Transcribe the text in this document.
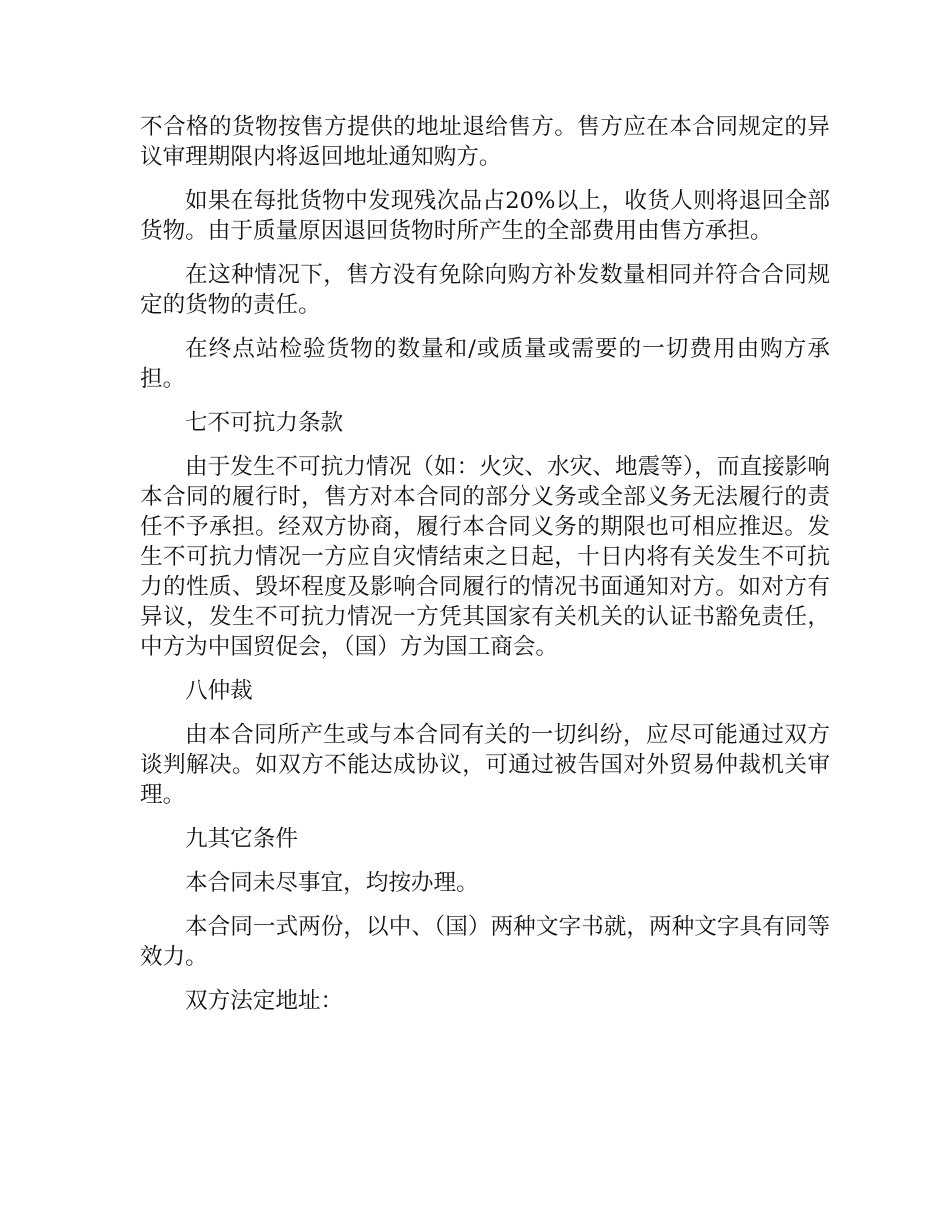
不合格的货物按售方提供的地址退给售方。售方应在本合同规定的异议审理期限内将返回地址通知购方。

如果在每批货物中发现残次品占20%以上，收货人则将退回全部货物。由于质量原因退回货物时所产生的全部费用由售方承担。

在这种情况下，售方没有免除向购方补发数量相同并符合合同规定的货物的责任。

在终点站检验货物的数量和/或质量或需要的一切费用由购方承担。

七不可抗力条款

由于发生不可抗力情况（如：火灾、水灾、地震等），而直接影响本合同的履行时，售方对本合同的部分义务或全部义务无法履行的责任不予承担。经双方协商，履行本合同义务的期限也可相应推迟。发生不可抗力情况一方应自灾情结束之日起，十日内将有关发生不可抗力的性质、毁坏程度及影响合同履行的情况书面通知对方。如对方有异议，发生不可抗力情况一方凭其国家有关机关的认证书豁免责任，中方为中国贸促会，（国）方为国工商会。

八仲裁

由本合同所产生或与本合同有关的一切纠纷，应尽可能通过双方谈判解决。如双方不能达成协议，可通过被告国对外贸易仲裁机关审理。

九其它条件

本合同未尽事宜，均按办理。

本合同一式两份，以中、（国）两种文字书就，两种文字具有同等效力。

双方法定地址：
